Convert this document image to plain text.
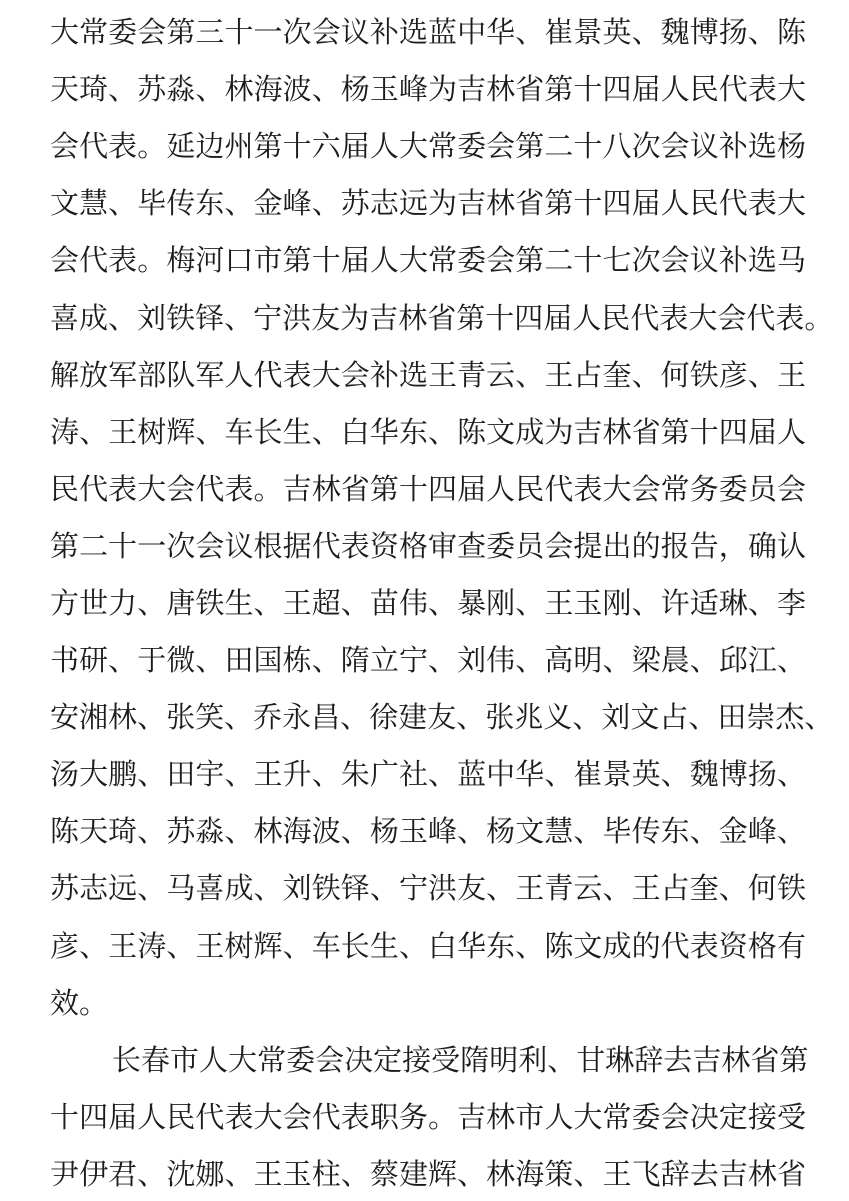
大 常 委 会 第 三 十 一 次 会 议 补 选 蓝 中 华 、 崔 景 英 、 魏 博 扬 、 陈
天 琦 、 苏 淼 、 林 海 波 、 杨 玉 峰 为 吉 林 省 第 十 四 届 人 民 代 表 大
会 代 表 。 延 边 州 第 十 六 届 人 大 常 委 会 第 二 十 八 次 会 议 补 选 杨
文 慧 、 毕 传 东 、 金 峰 、 苏 志 远 为 吉 林 省 第 十 四 届 人 民 代 表 大
会 代 表 。 梅 河 口 市 第 十 届 人 大 常 委 会 第 二 十 七 次 会 议 补 选 马
喜 成 、 刘 铁 铎 、 宁 洪 友 为 吉 林 省 第 十 四 届 人 民 代 表 大 会 代 表 。
解 放 军 部 队 军 人 代 表 大 会 补 选 王 青 云 、 王 占 奎 、 何 铁 彦 、 王
涛 、 王 树 辉 、 车 长 生 、 白 华 东 、 陈 文 成 为 吉 林 省 第 十 四 届 人
民 代 表 大 会 代 表 。 吉 林 省 第 十 四 届 人 民 代 表 大 会 常 务 委 员 会
第 二 十 一 次 会 议 根 据 代 表 资 格 审 查 委 员 会 提 出 的 报 告 ， 确 认
方 世 力 、 唐 铁 生 、 王 超 、 苗 伟 、 暴 刚 、 王 玉 刚 、 许 适 琳 、 李
书 研 、 于 微 、 田 国 栋 、 隋 立 宁 、 刘 伟 、 高 明 、 梁 晨 、 邱 江 、
安 湘 林 、 张 笑 、 乔 永 昌 、 徐 建 友 、 张 兆 义 、 刘 文 占 、 田 崇 杰 、
汤 大 鹏 、 田 宇 、 王 升 、 朱 广 社 、 蓝 中 华 、 崔 景 英 、 魏 博 扬 、
陈 天 琦 、 苏 淼 、 林 海 波 、 杨 玉 峰 、 杨 文 慧 、 毕 传 东 、 金 峰 、
苏 志 远 、 马 喜 成 、 刘 铁 铎 、 宁 洪 友 、 王 青 云 、 王 占 奎 、 何 铁
彦 、 王 涛 、 王 树 辉 、 车 长 生 、 白 华 东 、 陈 文 成 的 代 表 资 格 有
效 。
长 春 市 人 大 常 委 会 决 定 接 受 隋 明 利 、 甘 琳 辞 去 吉 林 省 第
十 四 届 人 民 代 表 大 会 代 表 职 务 。 吉 林 市 人 大 常 委 会 决 定 接 受
尹 伊 君 、 沈 娜 、 王 玉 柱 、 蔡 建 辉 、 林 海 策 、 王 飞 辞 去 吉 林 省
